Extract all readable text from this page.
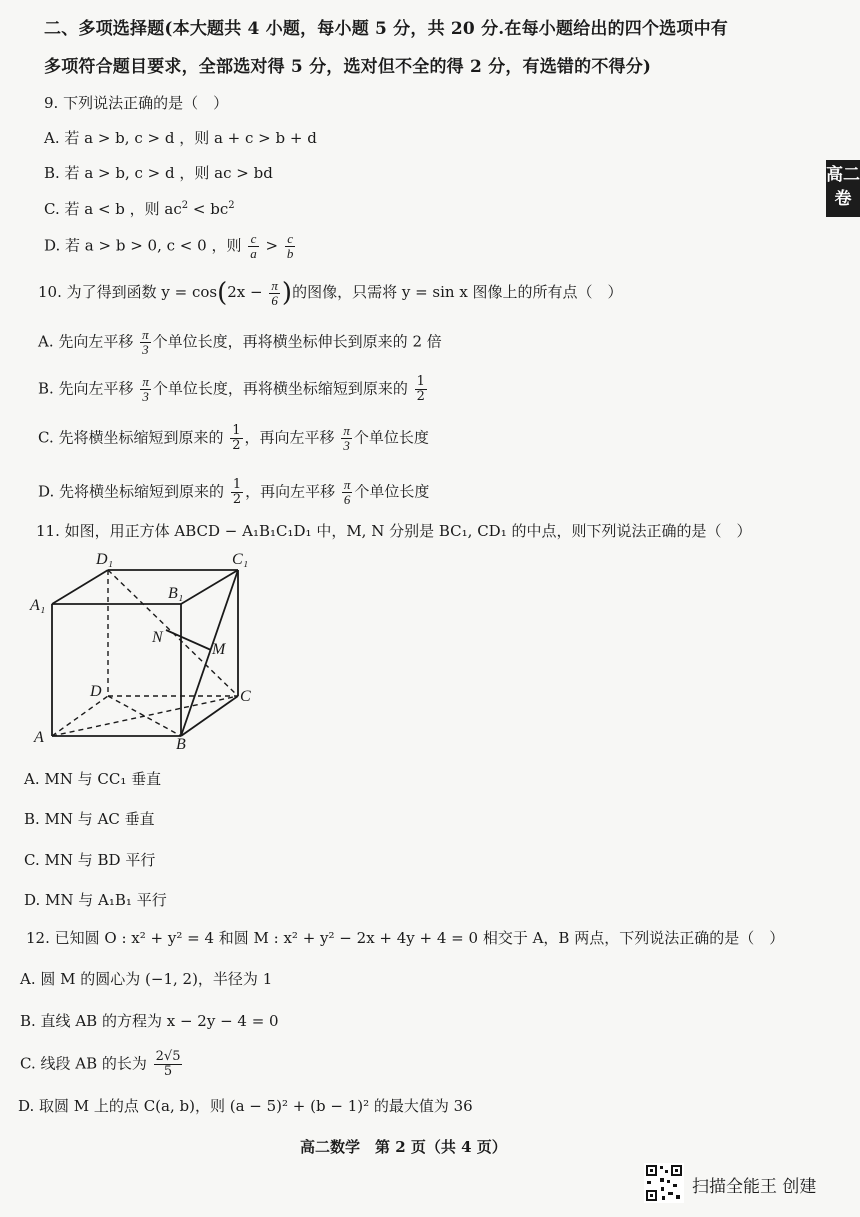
二、多项选择题(本大题共 4 小题，每小题 5 分，共 20 分.在每小题给出的四个选项中有
多项符合题目要求，全部选对得 5 分，选对但不全的得 2 分，有选错的不得分)
高二
卷
9. 下列说法正确的是（　）
A. 若 a > b, c > d ，则 a + c > b + d
B. 若 a > b, c > d ，则 ac > bd
C. 若 a < b ，则 $ac^2 < bc^2$
D. 若 a > b > 0, c < 0 ，则 $\frac{c}{a} > \frac{c}{b}$
10. 为了得到函数 $y = \cos(2x - \frac{\pi}{6}$ )的图像，只需将 y = sin x 图像上的所有点（　）
A. 先向左平移 $\frac{\pi}{3}$ 个单位长度，再将横坐标伸长到原来的 2 倍
B. 先向左平移 $\frac{\pi}{3}$ 个单位长度，再将横坐标缩短到原来的 $\frac{1}{2}$
C. 先将横坐标缩短到原来的 $\frac{1}{2}$ ，再向左平移 $\frac{\pi}{3}$ 个单位长度
D. 先将横坐标缩短到原来的 $\frac{1}{2}$ ，再向左平移 $\frac{\pi}{6}$ 个单位长度
11. 如图，用正方体 ABCD − A₁B₁C₁D₁ 中，M, N 分别是 BC₁, CD₁ 的中点，则下列说法正确的是（　）
D₁	C₁
B₁
A₁
N
M
D	C
A	B
A. MN 与 CC₁ 垂直
B. MN 与 AC 垂直
C. MN 与 BD 平行
D. MN 与 A₁B₁ 平行
12. 已知圆 O : x² + y² = 4 和圆 M : x² + y² − 2x + 4y + 4 = 0 相交于 A，B 两点，下列说法正确的是（　）
A. 圆 M 的圆心为 (−1, 2)，半径为 1
B. 直线 AB 的方程为 x − 2y − 4 = 0
C. 线段 AB 的长为 $\frac{2√5}{5}$
D. 取圆 M 上的点 C(a, b)，则 (a − 5)² + (b − 1)² 的最大值为 36
高二数学　第 2 页（共 4 页）
扫描全能王 创建
